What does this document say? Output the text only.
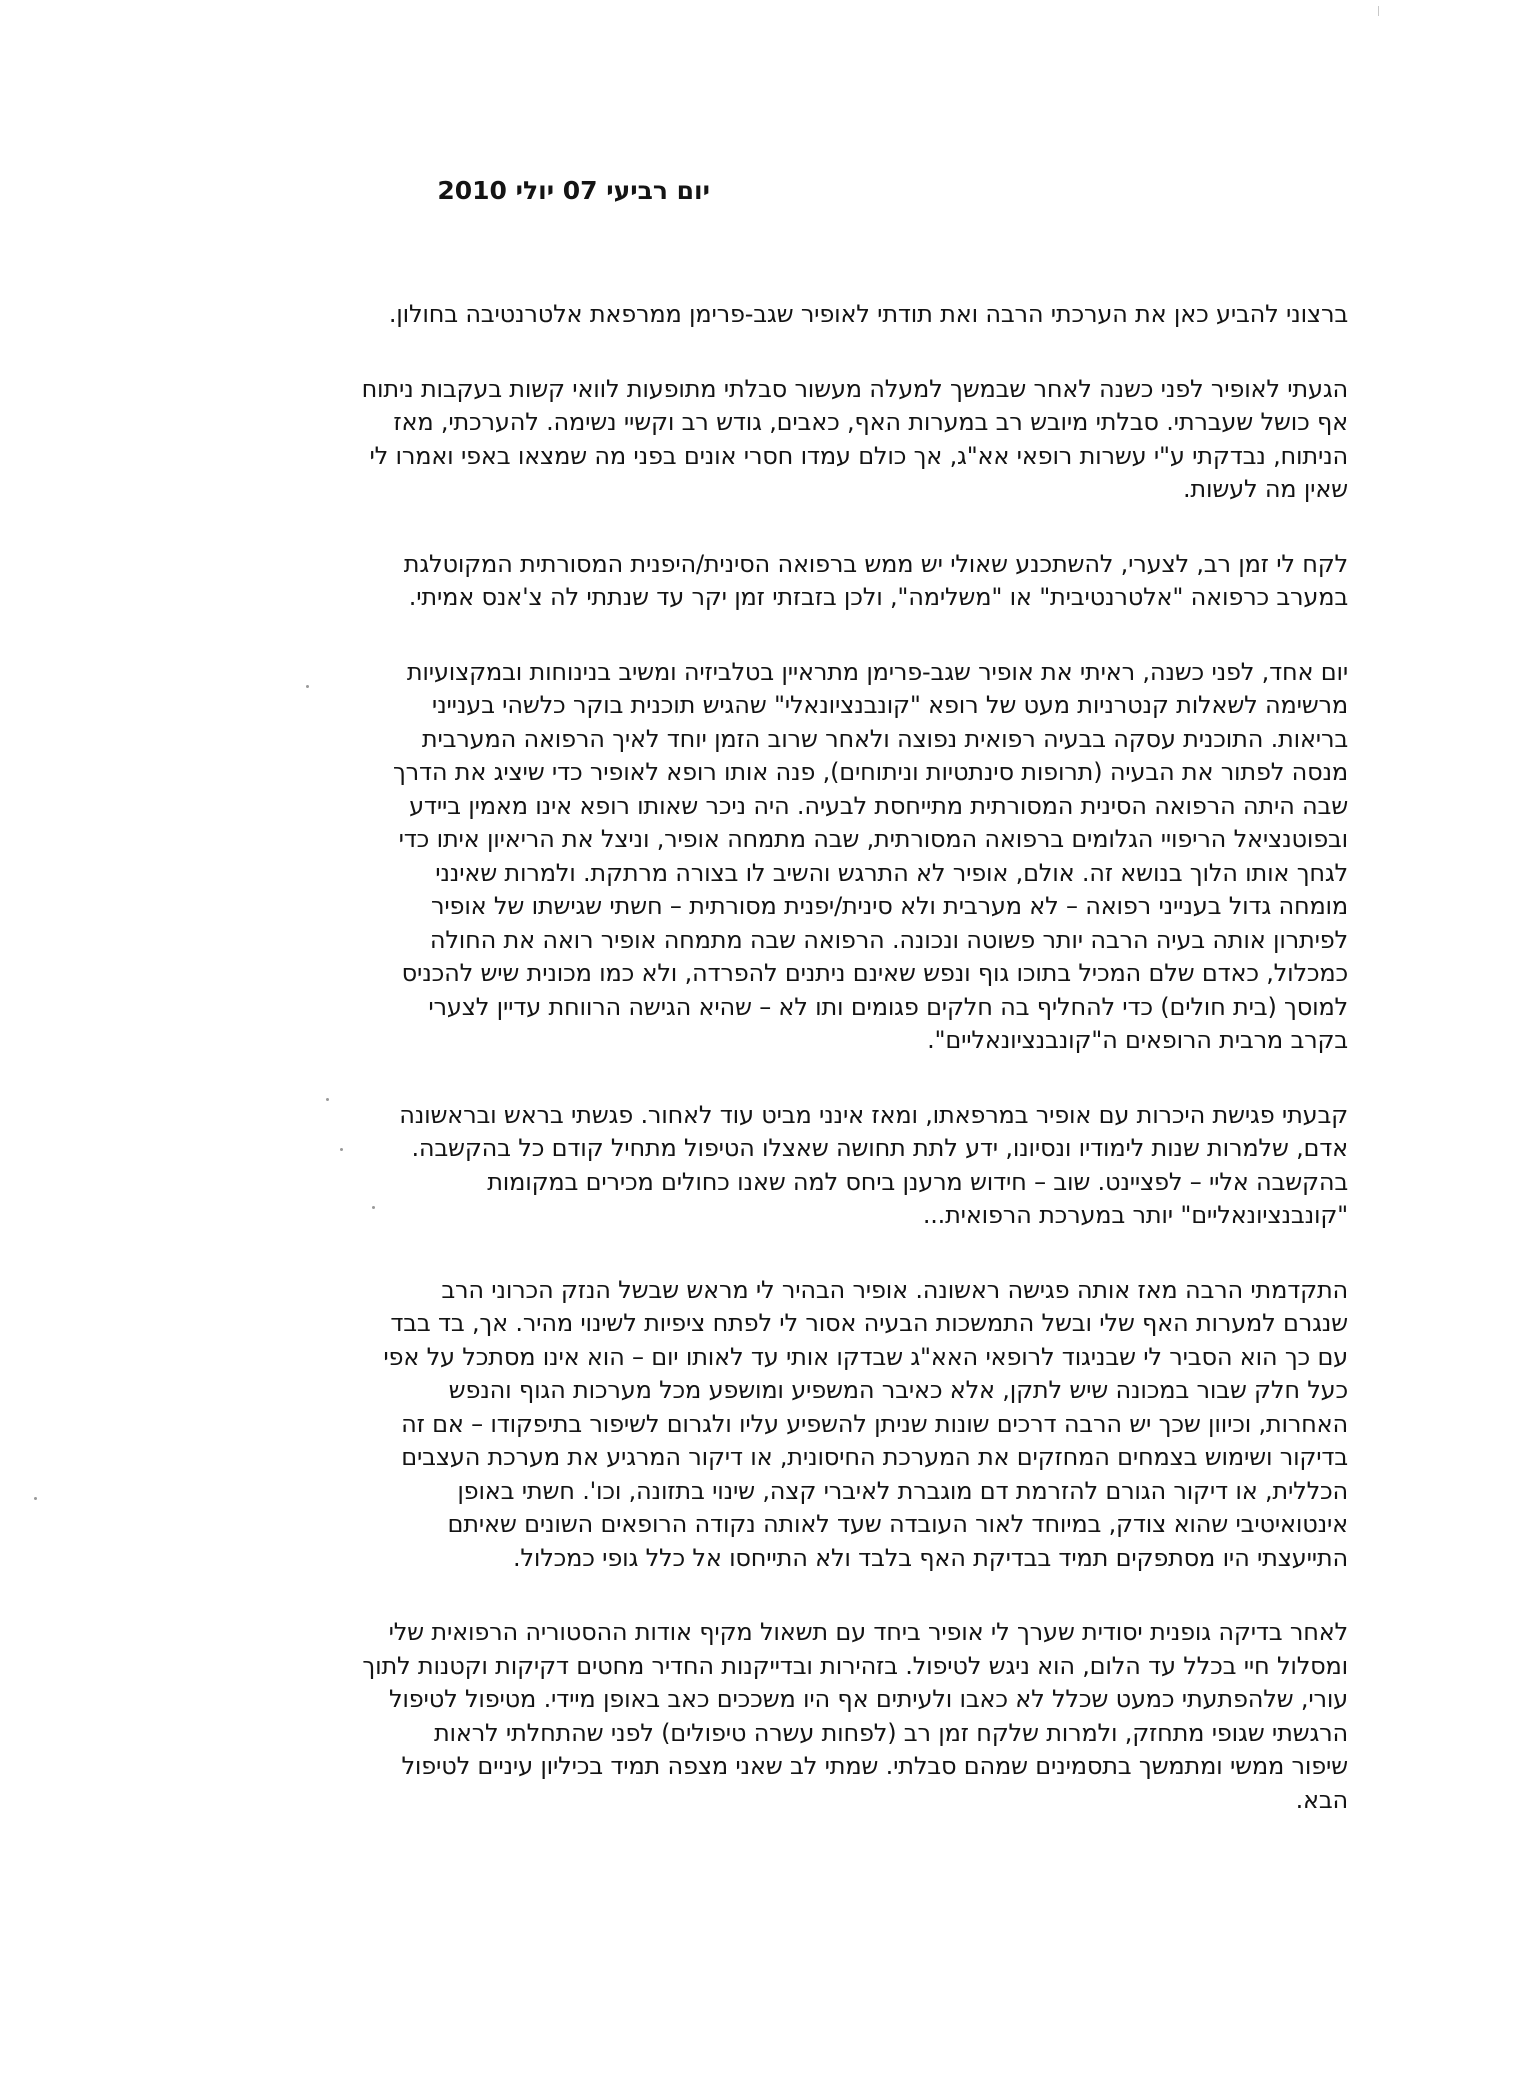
יום רביעי 07 יולי 2010
ברצוני להביע כאן את הערכתי הרבה ואת תודתי לאופיר שגב-פרימן ממרפאת אלטרנטיבה בחולון.
הגעתי לאופיר לפני כשנה לאחר שבמשך למעלה מעשור סבלתי מתופעות לוואי קשות בעקבות ניתוח
אף כושל שעברתי. סבלתי מיובש רב במערות האף, כאבים, גודש רב וקשיי נשימה. להערכתי, מאז
הניתוח, נבדקתי ע"י עשרות רופאי אא"ג, אך כולם עמדו חסרי אונים בפני מה שמצאו באפי ואמרו לי
שאין מה לעשות.
לקח לי זמן רב, לצערי, להשתכנע שאולי יש ממש ברפואה הסינית/היפנית המסורתית המקוטלגת
במערב כרפואה "אלטרנטיבית" או "משלימה", ולכן בזבזתי זמן יקר עד שנתתי לה צ'אנס אמיתי.
יום אחד, לפני כשנה, ראיתי את אופיר שגב-פרימן מתראיין בטלביזיה ומשיב בנינוחות ובמקצועיות
מרשימה לשאלות קנטרניות מעט של רופא "קונבנציונאלי" שהגיש תוכנית בוקר כלשהי בענייני
בריאות. התוכנית עסקה בבעיה רפואית נפוצה ולאחר שרוב הזמן יוחד לאיך הרפואה המערבית
מנסה לפתור את הבעיה (תרופות סינתטיות וניתוחים), פנה אותו רופא לאופיר כדי שיציג את הדרך
שבה היתה הרפואה הסינית המסורתית מתייחסת לבעיה. היה ניכר שאותו רופא אינו מאמין ביידע
ובפוטנציאל הריפויי הגלומים ברפואה המסורתית, שבה מתמחה אופיר, וניצל את הריאיון איתו כדי
לגחך אותו הלוך בנושא זה. אולם, אופיר לא התרגש והשיב לו בצורה מרתקת. ולמרות שאינני
מומחה גדול בענייני רפואה – לא מערבית ולא סינית/יפנית מסורתית – חשתי שגישתו של אופיר
לפיתרון אותה בעיה הרבה יותר פשוטה ונכונה. הרפואה שבה מתמחה אופיר רואה את החולה
כמכלול, כאדם שלם המכיל בתוכו גוף ונפש שאינם ניתנים להפרדה, ולא כמו מכונית שיש להכניס
למוסך (בית חולים) כדי להחליף בה חלקים פגומים ותו לא – שהיא הגישה הרווחת עדיין לצערי
בקרב מרבית הרופאים ה"קונבנציונאליים".
קבעתי פגישת היכרות עם אופיר במרפאתו, ומאז אינני מביט עוד לאחור. פגשתי בראש ובראשונה
אדם, שלמרות שנות לימודיו ונסיונו, ידע לתת תחושה שאצלו הטיפול מתחיל קודם כל בהקשבה.
בהקשבה אליי – לפציינט. שוב – חידוש מרענן ביחס למה שאנו כחולים מכירים במקומות
"קונבנציונאליים" יותר במערכת הרפואית...
התקדמתי הרבה מאז אותה פגישה ראשונה. אופיר הבהיר לי מראש שבשל הנזק הכרוני הרב
שנגרם למערות האף שלי ובשל התמשכות הבעיה אסור לי לפתח ציפיות לשינוי מהיר. אך, בד בבד
עם כך הוא הסביר לי שבניגוד לרופאי האא"ג שבדקו אותי עד לאותו יום – הוא אינו מסתכל על אפי
כעל חלק שבור במכונה שיש לתקן, אלא כאיבר המשפיע ומושפע מכל מערכות הגוף והנפש
האחרות, וכיוון שכך יש הרבה דרכים שונות שניתן להשפיע עליו ולגרום לשיפור בתיפקודו – אם זה
בדיקור ושימוש בצמחים המחזקים את המערכת החיסונית, או דיקור המרגיע את מערכת העצבים
הכללית, או דיקור הגורם להזרמת דם מוגברת לאיברי קצה, שינוי בתזונה, וכו'. חשתי באופן
אינטואיטיבי שהוא צודק, במיוחד לאור העובדה שעד לאותה נקודה הרופאים השונים שאיתם
התייעצתי היו מסתפקים תמיד בבדיקת האף בלבד ולא התייחסו אל כלל גופי כמכלול.
לאחר בדיקה גופנית יסודית שערך לי אופיר ביחד עם תשאול מקיף אודות ההסטוריה הרפואית שלי
ומסלול חיי בכלל עד הלום, הוא ניגש לטיפול. בזהירות ובדייקנות החדיר מחטים דקיקות וקטנות לתוך
עורי, שלהפתעתי כמעט שכלל לא כאבו ולעיתים אף היו משככים כאב באופן מיידי. מטיפול לטיפול
הרגשתי שגופי מתחזק, ולמרות שלקח זמן רב (לפחות עשרה טיפולים) לפני שהתחלתי לראות
שיפור ממשי ומתמשך בתסמינים שמהם סבלתי. שמתי לב שאני מצפה תמיד בכיליון עיניים לטיפול
הבא.
